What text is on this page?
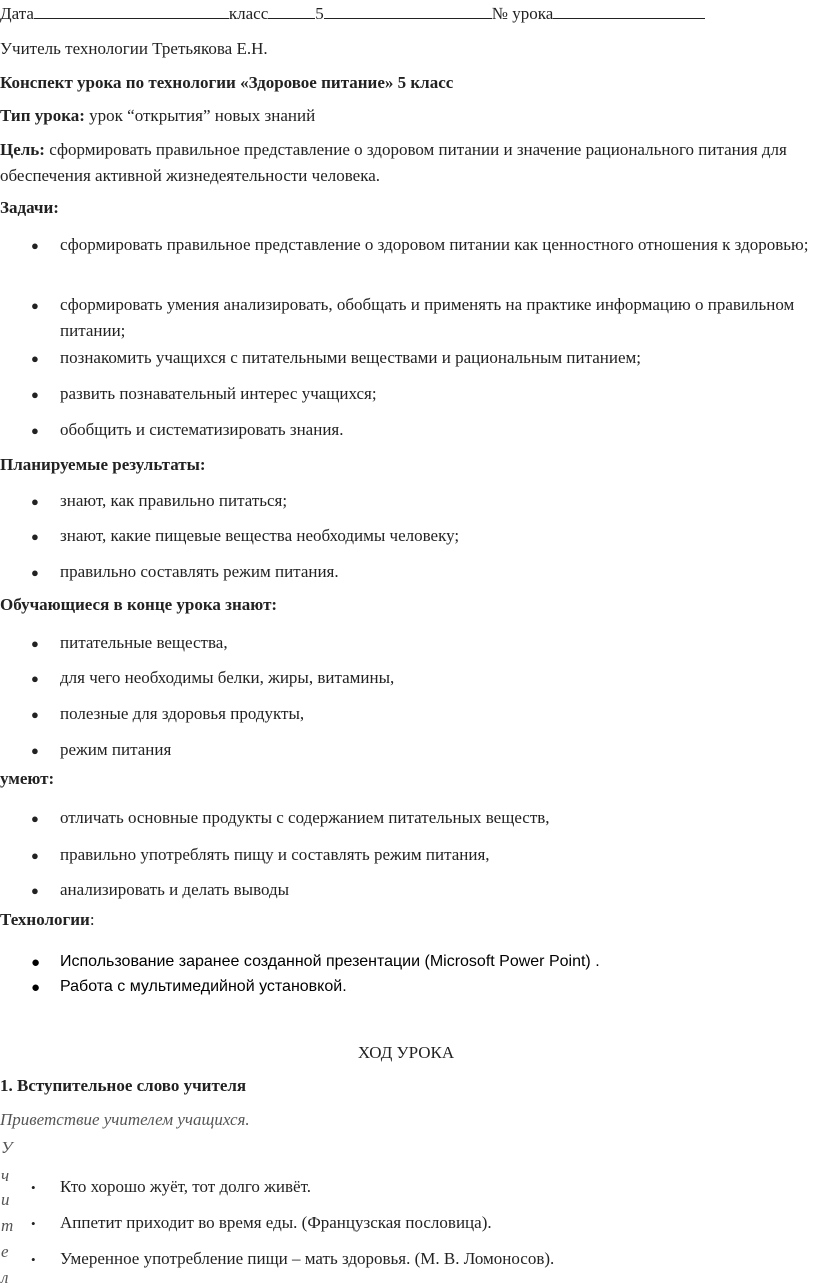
Дата	класс	5	№ урока
Учитель технологии Третьякова Е.Н.
Конспект урока по технологии «Здоровое питание» 5 класс
Тип урока: урок “открытия” новых знаний
Цель: сформировать правильное представление о здоровом питании и значение рационального питания для обеспечения активной жизнедеятельности человека.
Задачи:
● сформировать правильное представление о здоровом питании как ценностного отношения к здоровью;
● сформировать умения анализировать, обобщать и применять на практике информацию о правильном питании;
● познакомить учащихся с питательными веществами и рациональным питанием;
● развить познавательный интерес учащихся;
● обобщить и систематизировать знания.
Планируемые результаты:
● знают, как правильно питаться;
● знают, какие пищевые вещества необходимы человеку;
● правильно составлять режим питания.
Обучающиеся в конце урока знают:
● питательные вещества,
● для чего необходимы белки, жиры, витамины,
● полезные для здоровья продукты,
● режим питания
умеют:
● отличать основные продукты с содержанием питательных веществ,
● правильно употреблять пищу и составлять режим питания,
● анализировать и делать выводы
Технологии:
● Использование заранее созданной презентации (Microsoft Power Point) .
● Работа с мультимедийной установкой.
ХОД УРОКА
1. Вступительное слово учителя
Приветствие учителем учащихся.
У
ч
и
т
е
л
• Кто хорошо жуёт, тот долго живёт.
• Аппетит приходит во время еды. (Французская пословица).
• Умеренное употребление пищи – мать здоровья. (М. В. Ломоносов).
